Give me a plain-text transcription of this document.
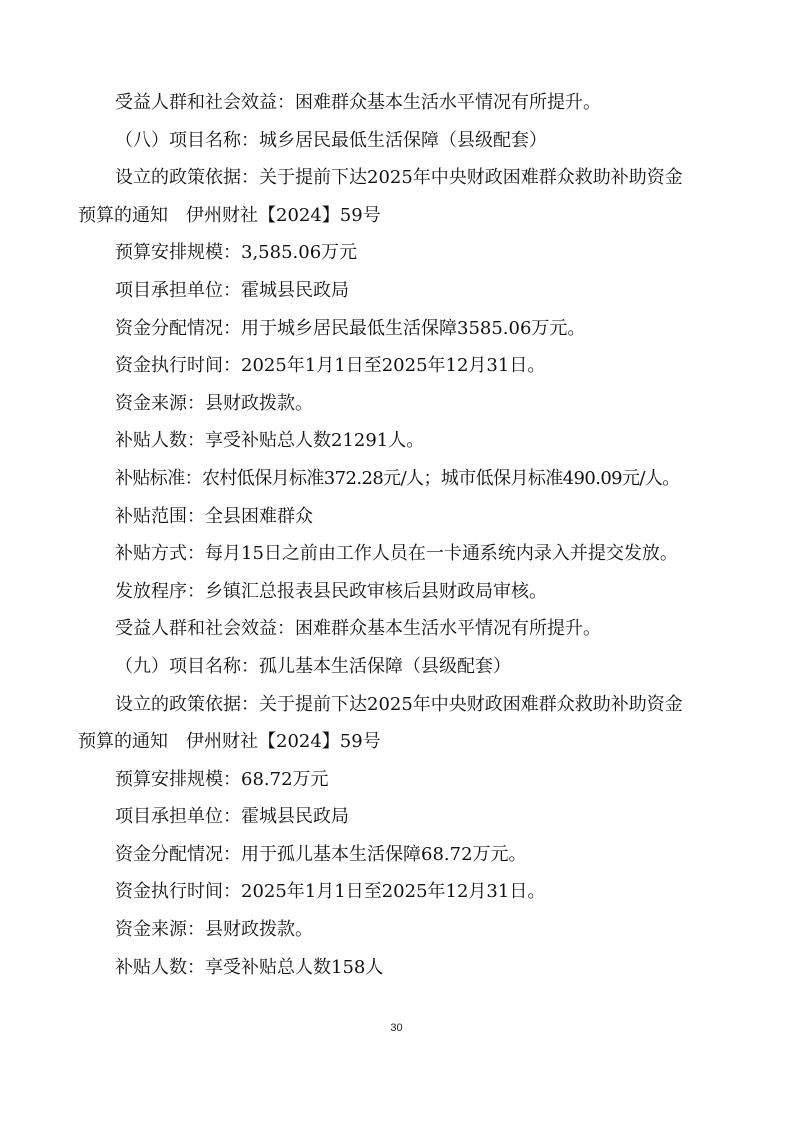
受益人群和社会效益：困难群众基本生活水平情况有所提升。

（八）项目名称：城乡居民最低生活保障（县级配套）

设立的政策依据：关于提前下达2025年中央财政困难群众救助补助资金

预算的通知　伊州财社【2024】59号

预算安排规模：3,585.06万元

项目承担单位：霍城县民政局

资金分配情况：用于城乡居民最低生活保障3585.06万元。

资金执行时间：2025年1月1日至2025年12月31日。

资金来源：县财政拨款。

补贴人数：享受补贴总人数21291人。

补贴标准：农村低保月标准372.28元/人；城市低保月标准490.09元/人。

补贴范围：全县困难群众

补贴方式：每月15日之前由工作人员在一卡通系统内录入并提交发放。

发放程序：乡镇汇总报表县民政审核后县财政局审核。

受益人群和社会效益：困难群众基本生活水平情况有所提升。

（九）项目名称：孤儿基本生活保障（县级配套）

设立的政策依据：关于提前下达2025年中央财政困难群众救助补助资金

预算的通知　伊州财社【2024】59号

预算安排规模：68.72万元

项目承担单位：霍城县民政局

资金分配情况：用于孤儿基本生活保障68.72万元。

资金执行时间：2025年1月1日至2025年12月31日。

资金来源：县财政拨款。

补贴人数：享受补贴总人数158人

30
